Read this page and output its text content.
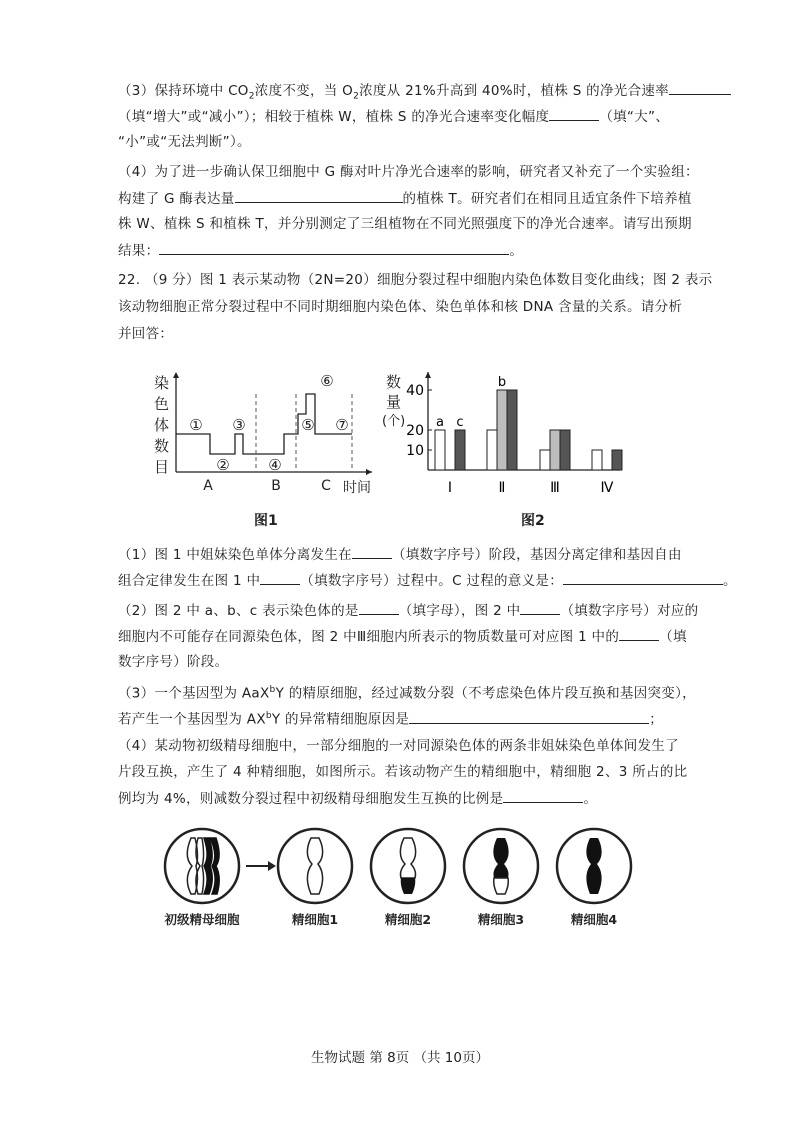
（3）保持环境中 $CO_2$浓度不变，当 $O_2$浓度从 21%升高到 40%时，植株 S 的净光合速率
（填“增大”或“减小”）；相较于植株 W，植株 S 的净光合速率变化幅度	（填“大”、
“小”或“无法判断”）。
（4）为了进一步确认保卫细胞中 G 酶对叶片净光合速率的影响，研究者又补充了一个实验组：
构建了 G 酶表达量	的植株 T。研究者们在相同且适宜条件下培养植
株 W、植株 S 和植株 T，并分别测定了三组植物在不同光照强度下的净光合速率。请写出预期
结果：	。
22. （9 分）图 1 表示某动物（2N=20）细胞分裂过程中细胞内染色体数目变化曲线；图 2 表示
该动物细胞正常分裂过程中不同时期细胞内染色体、染色单体和核 DNA 含量的关系。请分析
并回答：
染
色
体
数
目
①
②
③
④
⑤
⑥
⑦
A	B	C 时间
图1
数
量
(个)
10
20
40
Ⅰ	Ⅱ	Ⅲ	Ⅳ
a c
b
图2
（1）图 1 中姐妹染色单体分离发生在	（填数字序号）阶段，基因分离定律和基因自由
组合定律发生在图 1 中	（填数字序号）过程中。C 过程的意义是：	。
（2）图 2 中 a、b、c 表示染色体的是	（填字母），图 2 中	（填数字序号）对应的
细胞内不可能存在同源染色体，图 2 中Ⅲ细胞内所表示的物质数量可对应图 1 中的	（填
数字序号）阶段。
（3）一个基因型为 AaX$^b$Y 的精原细胞，经过减数分裂（不考虑染色体片段互换和基因突变），
若产生一个基因型为 $AX^bY$ 的异常精细胞原因是	；
（4）某动物初级精母细胞中，一部分细胞的一对同源染色体的两条非姐妹染色单体间发生了
片段互换，产生了 4 种精细胞，如图所示。若该动物产生的精细胞中，精细胞 2、3 所占的比
例均为 4%，则减数分裂过程中初级精母细胞发生互换的比例是	。
初级精母细胞	精细胞1	精细胞2	精细胞3	精细胞4
生物试题 第 8页 （共 10页）
